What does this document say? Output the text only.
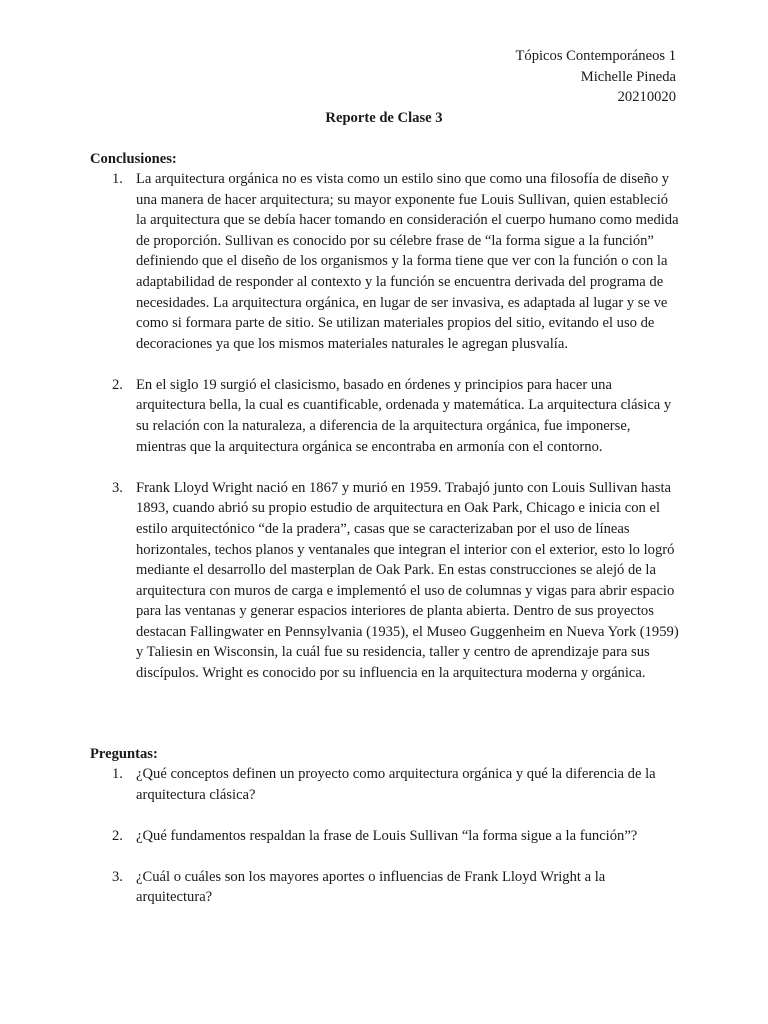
Tópicos Contemporáneos 1
Michelle Pineda
20210020
Reporte de Clase 3

Conclusiones:

1. La arquitectura orgánica no es vista como un estilo sino que como una filosofía de diseño y una manera de hacer arquitectura; su mayor exponente fue Louis Sullivan, quien estableció la arquitectura que se debía hacer tomando en consideración el cuerpo humano como medida de proporción. Sullivan es conocido por su célebre frase de “la forma sigue a la función” definiendo que el diseño de los organismos y la forma tiene que ver con la función o con la adaptabilidad de responder al contexto y la función se encuentra derivada del programa de necesidades. La arquitectura orgánica, en lugar de ser invasiva, es adaptada al lugar y se ve como si formara parte de sitio. Se utilizan materiales propios del sitio, evitando el uso de decoraciones ya que los mismos materiales naturales le agregan plusvalía.
2. En el siglo 19 surgió el clasicismo, basado en órdenes y principios para hacer una arquitectura bella, la cual es cuantificable, ordenada y matemática. La arquitectura clásica y su relación con la naturaleza, a diferencia de la arquitectura orgánica, fue imponerse, mientras que la arquitectura orgánica se encontraba en armonía con el contorno.
3. Frank Lloyd Wright nació en 1867 y murió en 1959. Trabajó junto con Louis Sullivan hasta 1893, cuando abrió su propio estudio de arquitectura en Oak Park, Chicago e inicia con el estilo arquitectónico “de la pradera”, casas que se caracterizaban por el uso de líneas horizontales, techos planos y ventanales que integran el interior con el exterior, esto lo logró mediante el desarrollo del masterplan de Oak Park. En estas construcciones se alejó de la arquitectura con muros de carga e implementó el uso de columnas y vigas para abrir espacio para las ventanas y generar espacios interiores de planta abierta. Dentro de sus proyectos destacan Fallingwater en Pennsylvania (1935), el Museo Guggenheim en Nueva York (1959) y Taliesin en Wisconsin, la cuál fue su residencia, taller y centro de aprendizaje para sus discípulos. Wright es conocido por su influencia en la arquitectura moderna y orgánica.

Preguntas:

1. ¿Qué conceptos definen un proyecto como arquitectura orgánica y qué la diferencia de la arquitectura clásica?
2. ¿Qué fundamentos respaldan la frase de Louis Sullivan “la forma sigue a la función”?
3. ¿Cuál o cuáles son los mayores aportes o influencias de Frank Lloyd Wright a la arquitectura?
